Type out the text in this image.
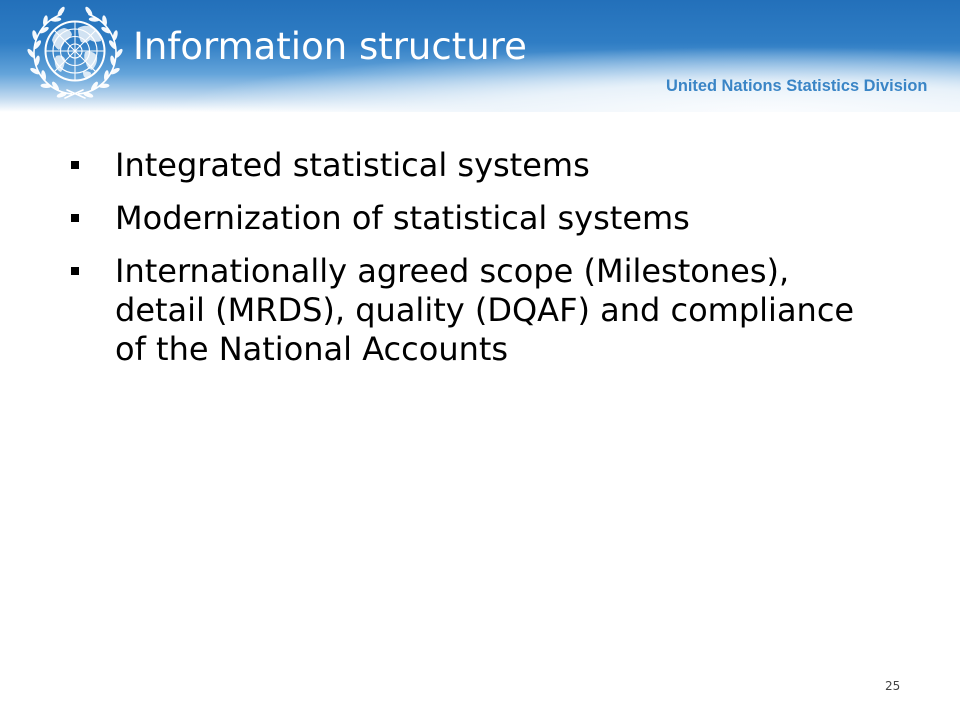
Information structure
United Nations Statistics Division
Integrated statistical systems
Modernization of statistical systems
Internationally agreed scope (Milestones),
detail (MRDS), quality (DQAF) and compliance
of the National Accounts
25
